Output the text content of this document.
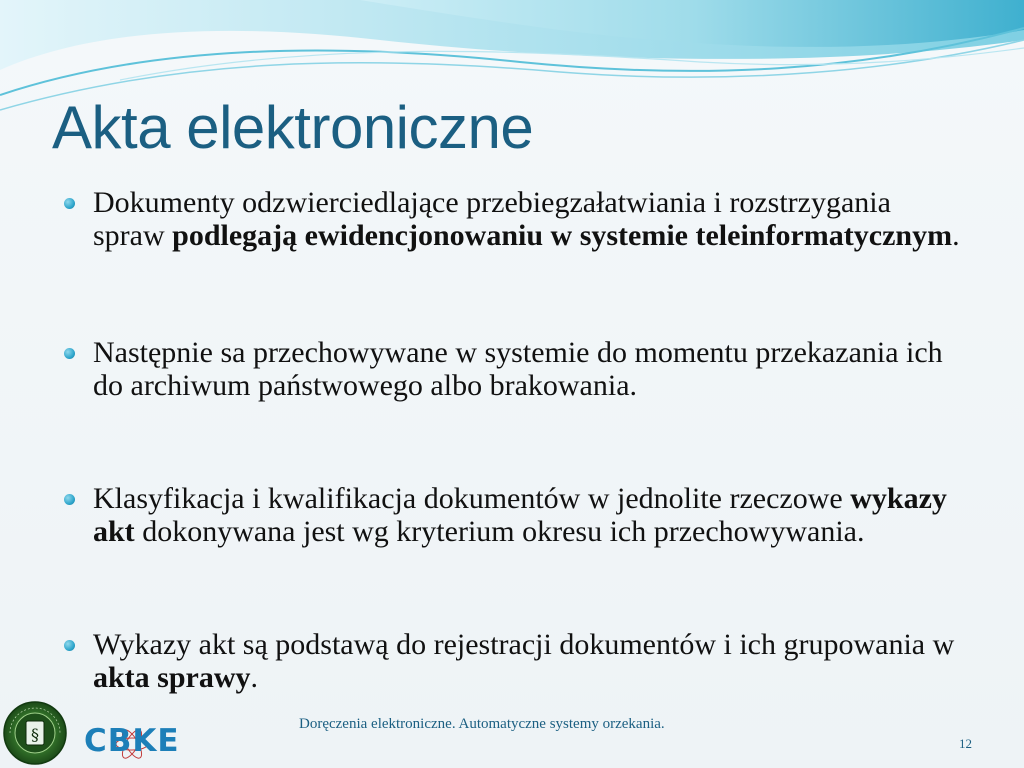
Akta elektroniczne

Dokumenty odzwierciedlające przebiegzałatwiania i rozstrzygania spraw podlegają ewidencjonowaniu w systemie teleinformatycznym.

Następnie sa przechowywane w systemie do momentu przekazania ich do archiwum państwowego albo brakowania.

Klasyfikacja i kwalifikacja dokumentów w jednolite rzeczowe wykazy akt dokonywana jest wg kryterium okresu ich przechowywania.

Wykazy akt są podstawą do rejestracji dokumentów i ich grupowania w akta sprawy.

§ CBKE	Doręczenia elektroniczne. Automatyczne systemy orzekania.

12
